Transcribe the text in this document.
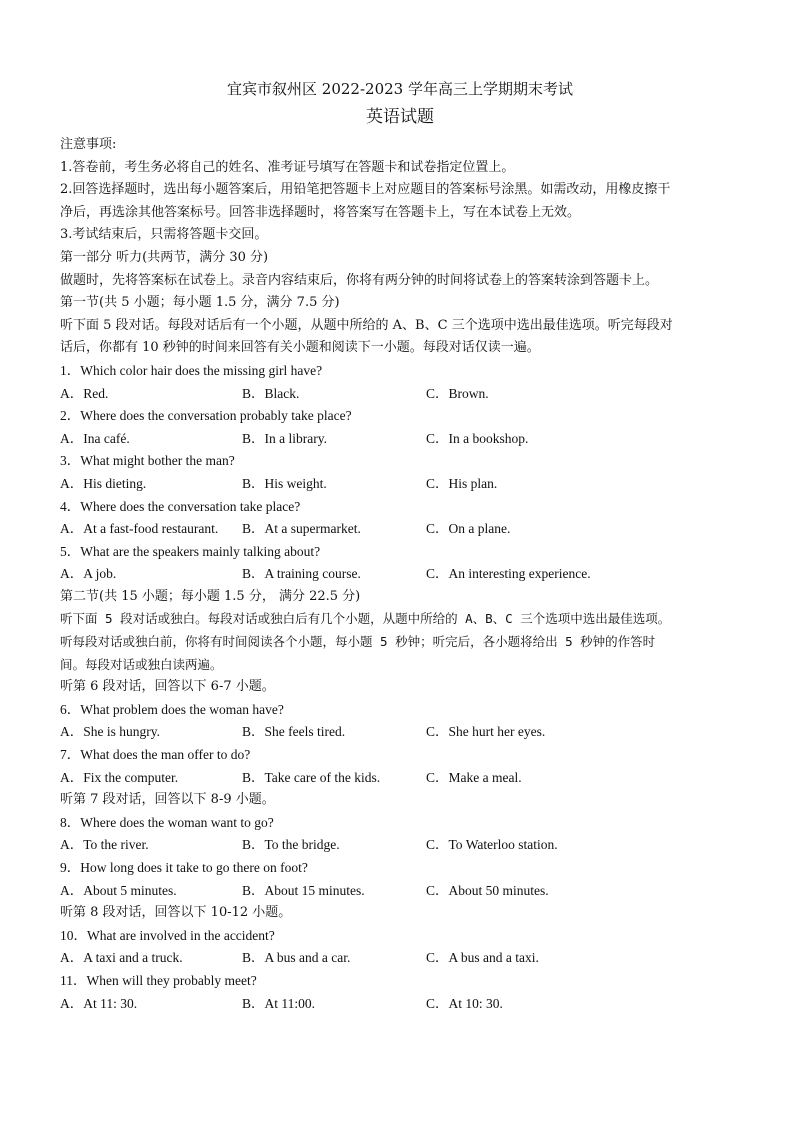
宜宾市叙州区 2022-2023 学年高三上学期期末考试

英语试题

注意事项:

1.答卷前，考生务必将自己的姓名、准考证号填写在答题卡和试卷指定位置上。

2.回答选择题时，选出每小题答案后，用铅笔把答题卡上对应题目的答案标号涂黑。如需改动，用橡皮擦干

净后，再选涂其他答案标号。回答非选择题时，将答案写在答题卡上，写在本试卷上无效。

3.考试结束后，只需将答题卡交回。

第一部分 听力(共两节，满分 30 分)

做题时，先将答案标在试卷上。录音内容结束后，你将有两分钟的时间将试卷上的答案转涂到答题卡上。

第一节(共 5 小题；每小题 1.5 分，满分 7.5 分)

听下面 5 段对话。每段对话后有一个小题，从题中所给的 A、B、C 三个选项中选出最佳选项。听完每段对

话后，你都有 10 秒钟的时间来回答有关小题和阅读下一小题。每段对话仅读一遍。

1．Which color hair does the missing girl have?

A．Red.	B．Black.	C．Brown.

2．Where does the conversation probably take place?

A．Ina café.	B．In a library.	C．In a bookshop.

3．What might bother the man?

A．His dieting.	B．His weight.	C．His plan.

4．Where does the conversation take place?

A．At a fast-food restaurant.	B．At a supermarket.	C．On a plane.

5．What are the speakers mainly talking about?

A．A job.	B．A training course.	C．An interesting experience.

第二节(共 15 小题；每小题 1.5 分， 满分 22.5 分)

听下面 5 段对话或独白。每段对话或独白后有几个小题，从题中所给的 A、B、C 三个选项中选出最佳选项。

听每段对话或独白前，你将有时间阅读各个小题，每小题 5 秒钟；听完后，各小题将给出 5 秒钟的作答时

间。每段对话或独白读两遍。

听第 6 段对话，回答以下 6-7 小题。

6．What problem does the woman have?

A．She is hungry.	B．She feels tired.	C．She hurt her eyes.

7．What does the man offer to do?

A．Fix the computer.	B．Take care of the kids.	C．Make a meal.

听第 7 段对话，回答以下 8-9 小题。

8．Where does the woman want to go?

A．To the river.	B．To the bridge.	C．To Waterloo station.

9．How long does it take to go there on foot?

A．About 5 minutes.	B．About 15 minutes.	C．About 50 minutes.

听第 8 段对话，回答以下 10-12 小题。

10．What are involved in the accident?

A．A taxi and a truck.	B．A bus and a car.	C．A bus and a taxi.

11．When will they probably meet?

A．At 11: 30.	B．At 11:00.	C．At 10: 30.
